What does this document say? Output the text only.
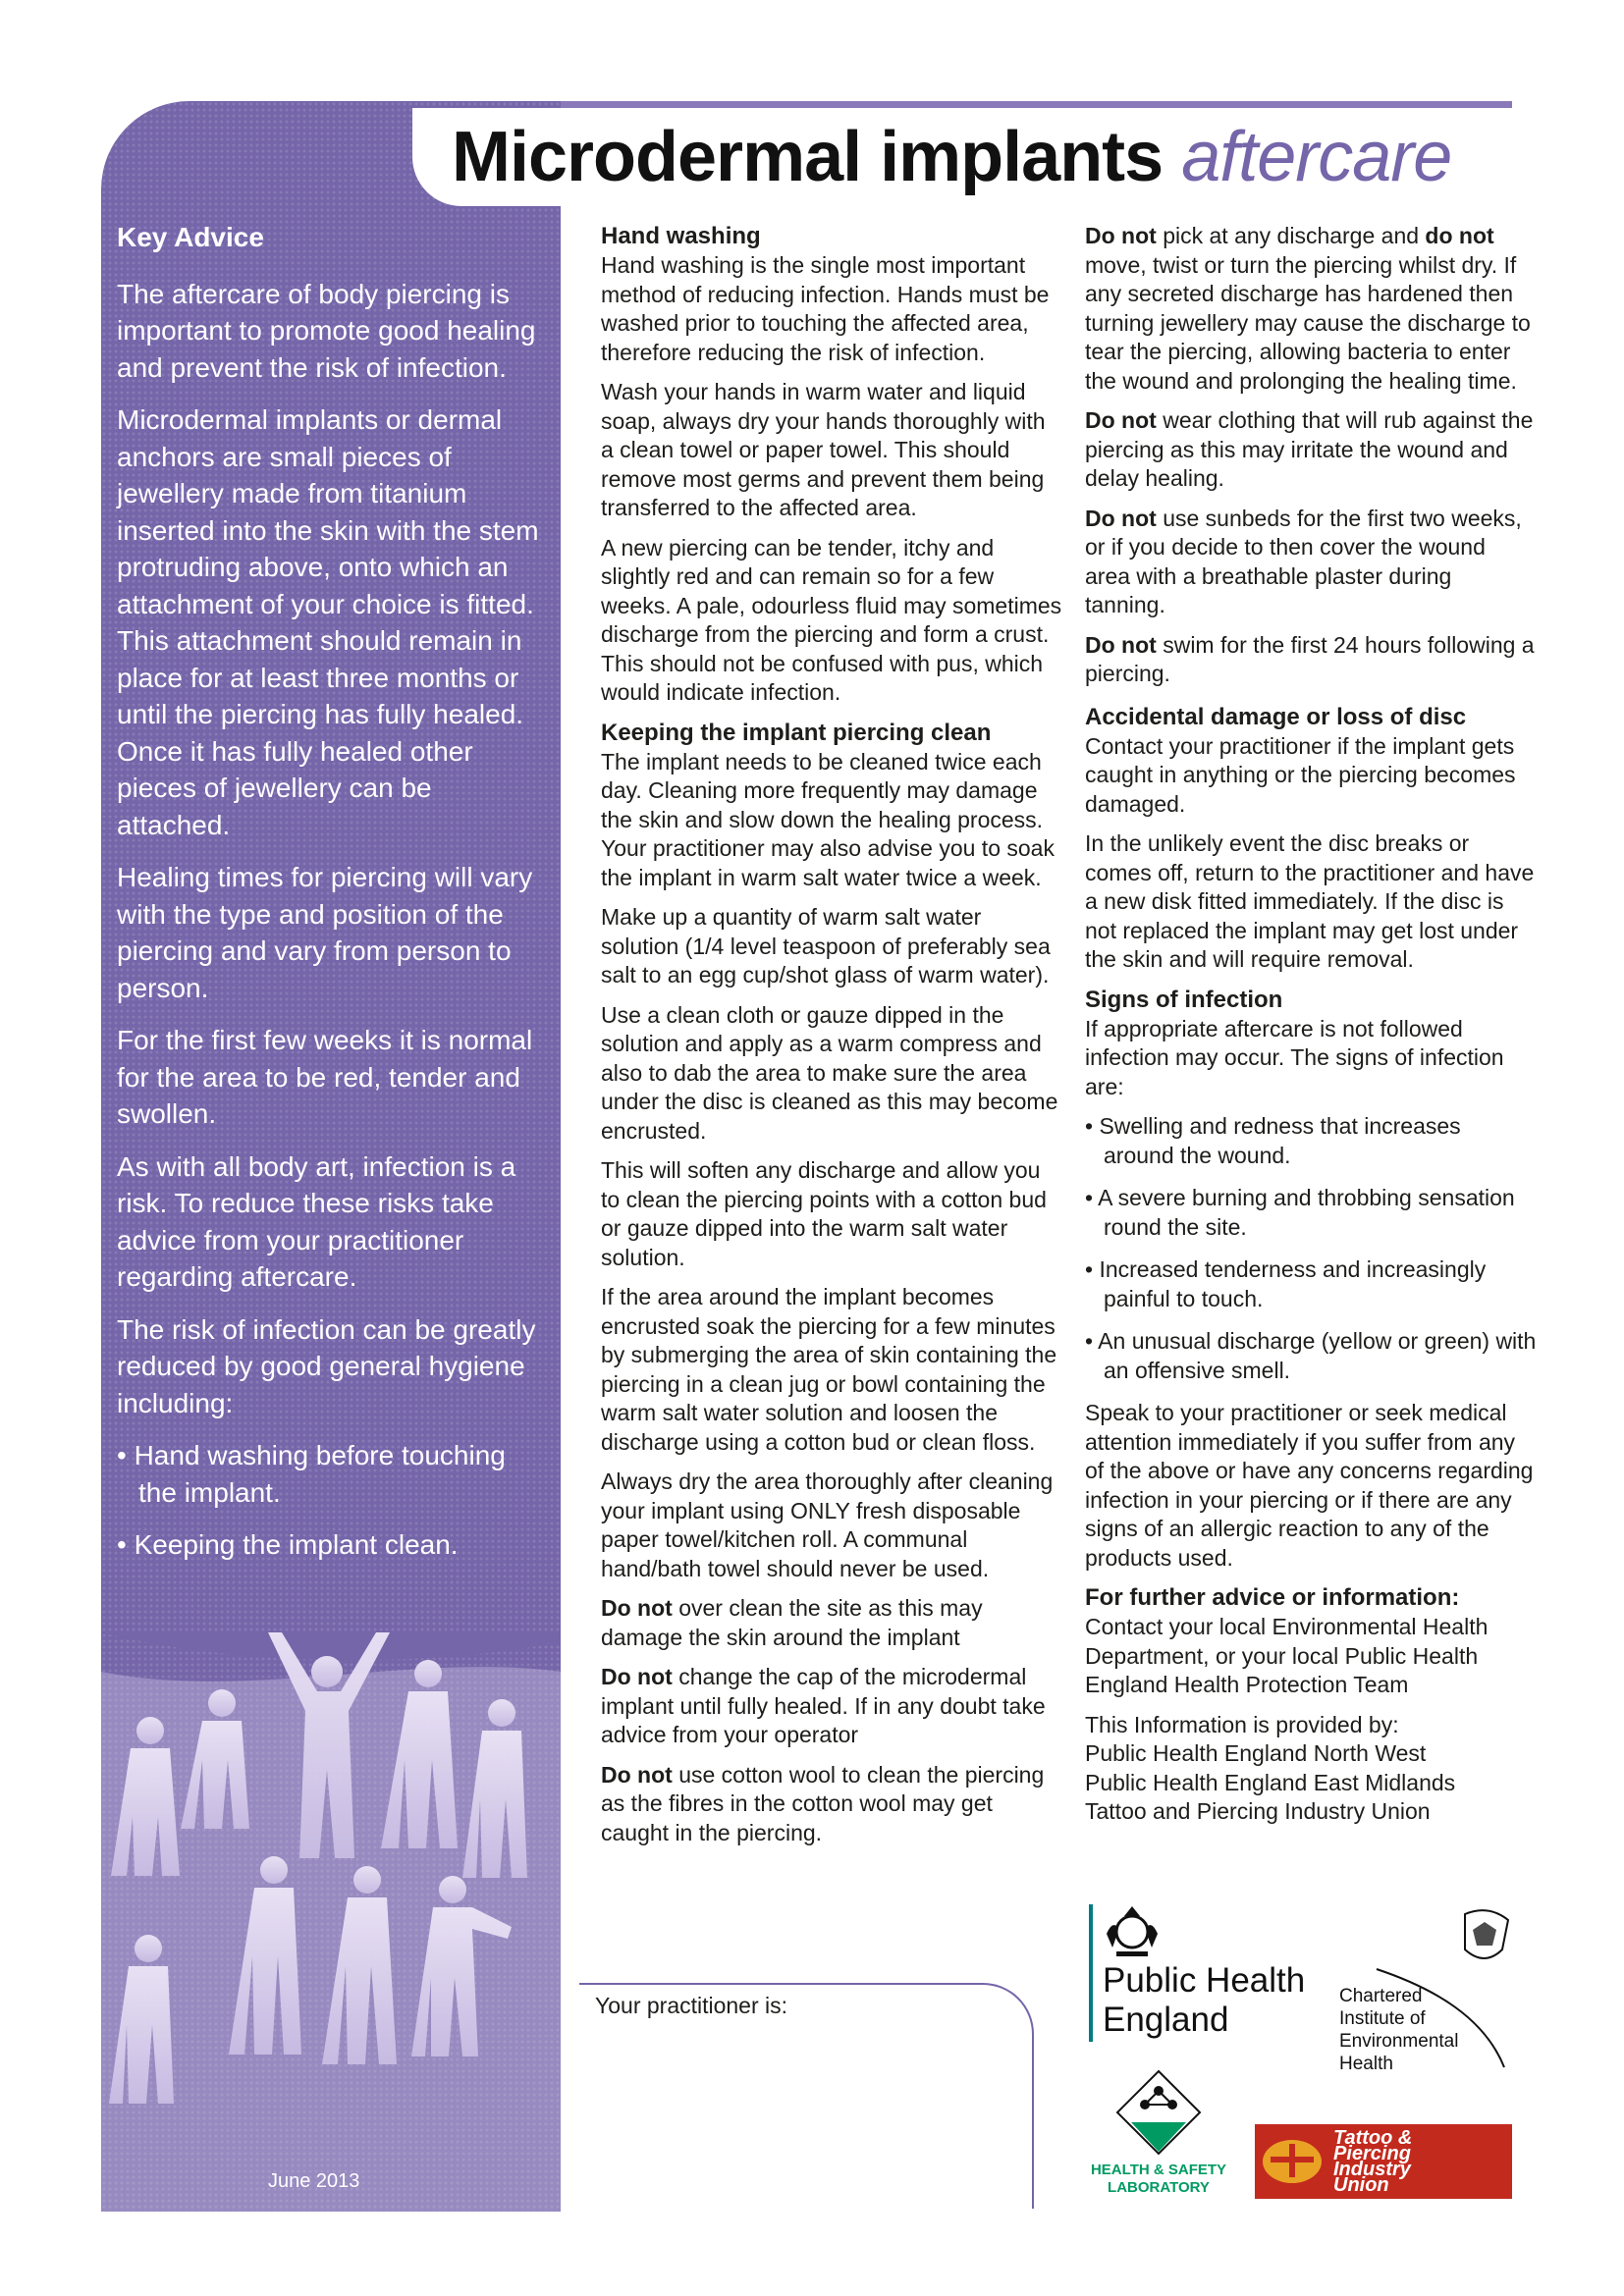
Key Advice

The aftercare of body piercing is important to promote good healing and prevent the risk of infection.

Microdermal implants or dermal anchors are small pieces of jewellery made from titanium inserted into the skin with the stem protruding above, onto which an attachment of your choice is fitted. This attachment should remain in place for at least three months or until the piercing has fully healed. Once it has fully healed other pieces of jewellery can be attached.

Healing times for piercing will vary with the type and position of the piercing and vary from person to person.

For the first few weeks it is normal for the area to be red, tender and swollen.

As with all body art, infection is a risk. To reduce these risks take advice from your practitioner regarding aftercare.

The risk of infection can be greatly reduced by good general hygiene including:

• Hand washing before touching the implant.
• Keeping the implant clean.
June 2013
Microdermal implants aftercare
Hand washing

Hand washing is the single most important method of reducing infection. Hands must be washed prior to touching the affected area, therefore reducing the risk of infection.

Wash your hands in warm water and liquid soap, always dry your hands thoroughly with a clean towel or paper towel. This should remove most germs and prevent them being transferred to the affected area.

A new piercing can be tender, itchy and slightly red and can remain so for a few weeks. A pale, odourless fluid may sometimes discharge from the piercing and form a crust. This should not be confused with pus, which would indicate infection.

Keeping the implant piercing clean

The implant needs to be cleaned twice each day. Cleaning more frequently may damage the skin and slow down the healing process. Your practitioner may also advise you to soak the implant in warm salt water twice a week.

Make up a quantity of warm salt water solution (1/4 level teaspoon of preferably sea salt to an egg cup/shot glass of warm water).

Use a clean cloth or gauze dipped in the solution and apply as a warm compress and also to dab the area to make sure the area under the disc is cleaned as this may become encrusted.

This will soften any discharge and allow you to clean the piercing points with a cotton bud or gauze dipped into the warm salt water solution.

If the area around the implant becomes encrusted soak the piercing for a few minutes by submerging the area of skin containing the piercing in a clean jug or bowl containing the warm salt water solution and loosen the discharge using a cotton bud or clean floss.

Always dry the area thoroughly after cleaning your implant using ONLY fresh disposable paper towel/kitchen roll. A communal hand/bath towel should never be used.

Do not over clean the site as this may damage the skin around the implant

Do not change the cap of the microdermal implant until fully healed. If in any doubt take advice from your operator

Do not use cotton wool to clean the piercing as the fibres in the cotton wool may get caught in the piercing.

Do not pick at any discharge and do not move, twist or turn the piercing whilst dry. If any secreted discharge has hardened then turning jewellery may cause the discharge to tear the piercing, allowing bacteria to enter the wound and prolonging the healing time.

Do not wear clothing that will rub against the piercing as this may irritate the wound and delay healing.

Do not use sunbeds for the first two weeks, or if you decide to then cover the wound area with a breathable plaster during tanning.

Do not swim for the first 24 hours following a piercing.

Accidental damage or loss of disc

Contact your practitioner if the implant gets caught in anything or the piercing becomes damaged.

In the unlikely event the disc breaks or comes off, return to the practitioner and have a new disk fitted immediately. If the disc is not replaced the implant may get lost under the skin and will require removal.

Signs of infection

If appropriate aftercare is not followed infection may occur. The signs of infection are:

• Swelling and redness that increases around the wound.
• A severe burning and throbbing sensation round the site.
• Increased tenderness and increasingly painful to touch.
• An unusual discharge (yellow or green) with an offensive smell.

Speak to your practitioner or seek medical attention immediately if you suffer from any of the above or have any concerns regarding infection in your piercing or if there are any signs of an allergic reaction to any of the products used.

For further advice or information:

Contact your local Environmental Health Department, or your local Public Health England Health Protection Team

This Information is provided by:

Public Health England North West

Public Health England East Midlands

Tattoo and Piercing Industry Union

Your practitioner is:
Public Health
England
Chartered
Institute of
Environmental
Health
HEALTH & SAFETY
LABORATORY
Tattoo &
Piercing
Industry
Union
